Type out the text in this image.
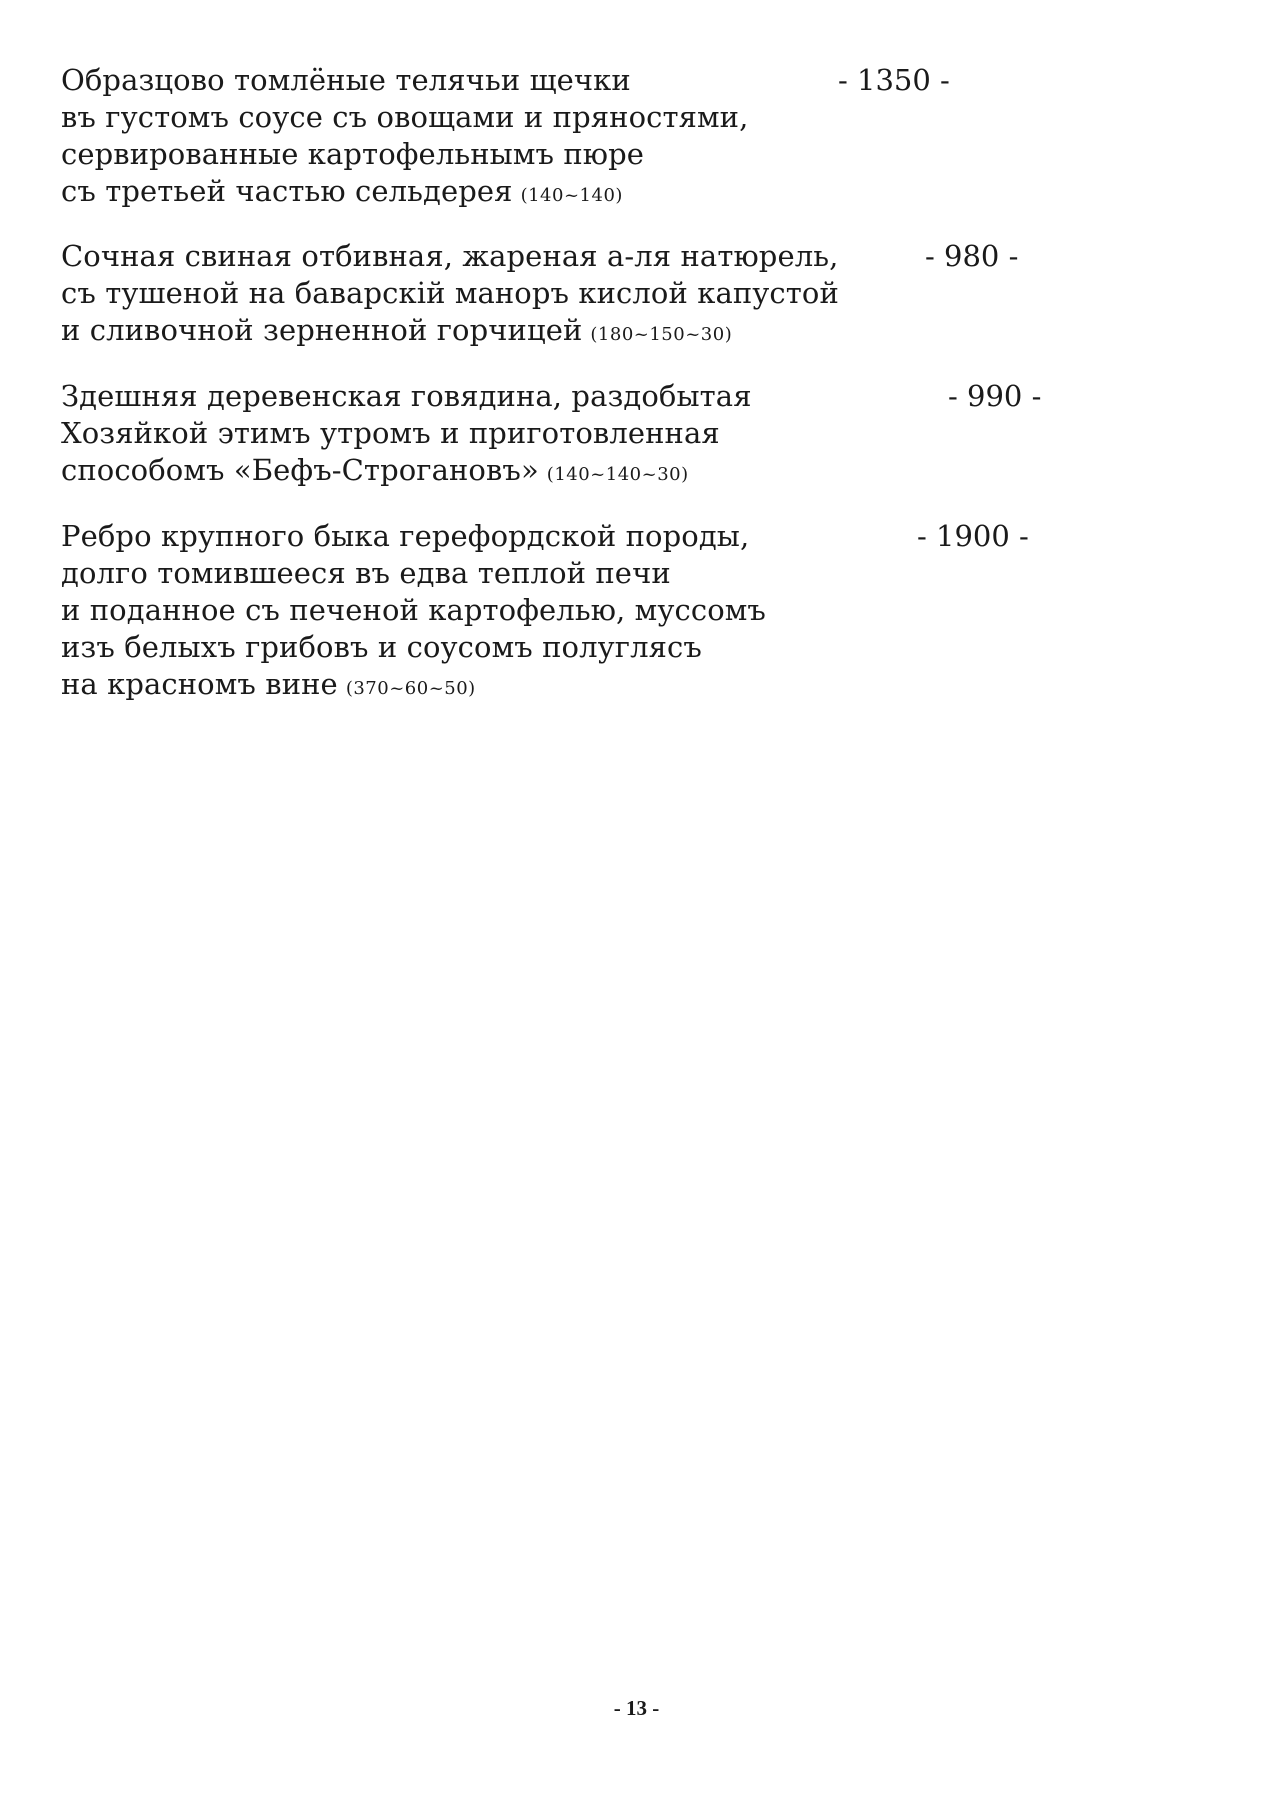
Образцово томлёные телячьи щечки
въ густомъ соусе съ овощами и пряностями,
сервированные картофельнымъ пюре
съ третьей частью сельдерея (140~140)
- 1350 -
Сочная свиная отбивная, жареная а-ля натюрель,
съ тушеной на баварскiй маноръ кислой капустой
и сливочной зерненной горчицей (180~150~30)
- 980 -
Здешняя деревенская говядина, раздобытая
Хозяйкой этимъ утромъ и приготовленная
способомъ «Бефъ-Строгановъ» (140~140~30)
- 990 -
Ребро крупного быка герефордской породы,
долго томившееся въ едва теплой печи
и поданное съ печеной картофелью, муссомъ
изъ белыхъ грибовъ и соусомъ полуглясъ
на красномъ вине (370~60~50)
- 1900 -
- 13 -
